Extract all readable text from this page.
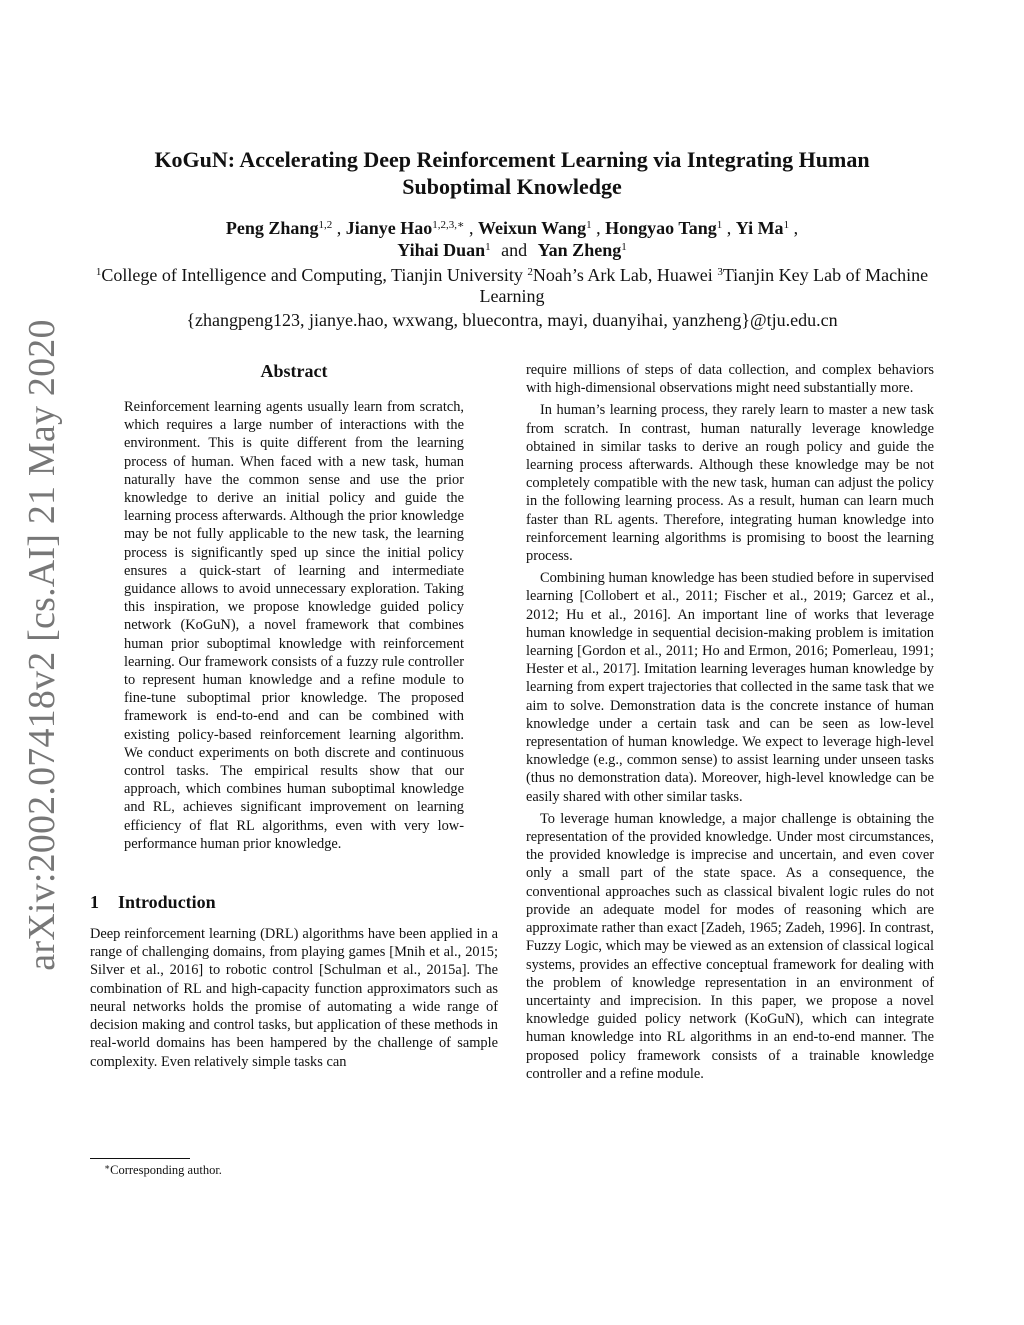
arXiv:2002.07418v2 [cs.AI] 21 May 2020
KoGuN: Accelerating Deep Reinforcement Learning via Integrating Human Suboptimal Knowledge
Peng Zhang$^{1,2}$ , Jianye Hao$^{1,2,3,∗}$ , Weixun Wang$^1$ , Hongyao Tang$^1$ , Yi Ma$^1$ ,
Yihai Duan$^1$ and Yan Zheng$^1$
$^1$College of Intelligence and Computing, Tianjin University $^2$Noah’s Ark Lab, Huawei $^3$Tianjin Key Lab of Machine Learning
{zhangpeng123, jianye.hao, wxwang, bluecontra, mayi, duanyihai, yanzheng}@tju.edu.cn
Abstract

Reinforcement learning agents usually learn from scratch, which requires a large number of interactions with the environment. This is quite different from the learning process of human. When faced with a new task, human naturally have the common sense and use the prior knowledge to derive an initial policy and guide the learning process afterwards. Although the prior knowledge may be not fully applicable to the new task, the learning process is significantly sped up since the initial policy ensures a quick-start of learning and intermediate guidance allows to avoid unnecessary exploration. Taking this inspiration, we propose knowledge guided policy network (KoGuN), a novel framework that combines human prior suboptimal knowledge with reinforcement learning. Our framework consists of a fuzzy rule controller to represent human knowledge and a refine module to fine-tune suboptimal prior knowledge. The proposed framework is end-to-end and can be combined with existing policy-based reinforcement learning algorithm. We conduct experiments on both discrete and continuous control tasks. The empirical results show that our approach, which combines human suboptimal knowledge and RL, achieves significant improvement on learning efficiency of flat RL algorithms, even with very low-performance human prior knowledge.

1 Introduction

Deep reinforcement learning (DRL) algorithms have been applied in a range of challenging domains, from playing games [Mnih et al., 2015; Silver et al., 2016] to robotic control [Schulman et al., 2015a]. The combination of RL and high-capacity function approximators such as neural networks holds the promise of automating a wide range of decision making and control tasks, but application of these methods in real-world domains has been hampered by the challenge of sample complexity. Even relatively simple tasks can

∗Corresponding author.

require millions of steps of data collection, and complex behaviors with high-dimensional observations might need substantially more.

In human’s learning process, they rarely learn to master a new task from scratch. In contrast, human naturally leverage knowledge obtained in similar tasks to derive an rough policy and guide the learning process afterwards. Although these knowledge may be not completely compatible with the new task, human can adjust the policy in the following learning process. As a result, human can learn much faster than RL agents. Therefore, integrating human knowledge into reinforcement learning algorithms is promising to boost the learning process.

Combining human knowledge has been studied before in supervised learning [Collobert et al., 2011; Fischer et al., 2019; Garcez et al., 2012; Hu et al., 2016]. An important line of works that leverage human knowledge in sequential decision-making problem is imitation learning [Gordon et al., 2011; Ho and Ermon, 2016; Pomerleau, 1991; Hester et al., 2017]. Imitation learning leverages human knowledge by learning from expert trajectories that collected in the same task that we aim to solve. Demonstration data is the concrete instance of human knowledge under a certain task and can be seen as low-level representation of human knowledge. We expect to leverage high-level knowledge (e.g., common sense) to assist learning under unseen tasks (thus no demonstration data). Moreover, high-level knowledge can be easily shared with other similar tasks.

To leverage human knowledge, a major challenge is obtaining the representation of the provided knowledge. Under most circumstances, the provided knowledge is imprecise and uncertain, and even cover only a small part of the state space. As a consequence, the conventional approaches such as classical bivalent logic rules do not provide an adequate model for modes of reasoning which are approximate rather than exact [Zadeh, 1965; Zadeh, 1996]. In contrast, Fuzzy Logic, which may be viewed as an extension of classical logical systems, provides an effective conceptual framework for dealing with the problem of knowledge representation in an environment of uncertainty and imprecision. In this paper, we propose a novel knowledge guided policy network (KoGuN), which can integrate human knowledge into RL algorithms in an end-to-end manner. The proposed policy framework consists of a trainable knowledge controller and a refine module.
